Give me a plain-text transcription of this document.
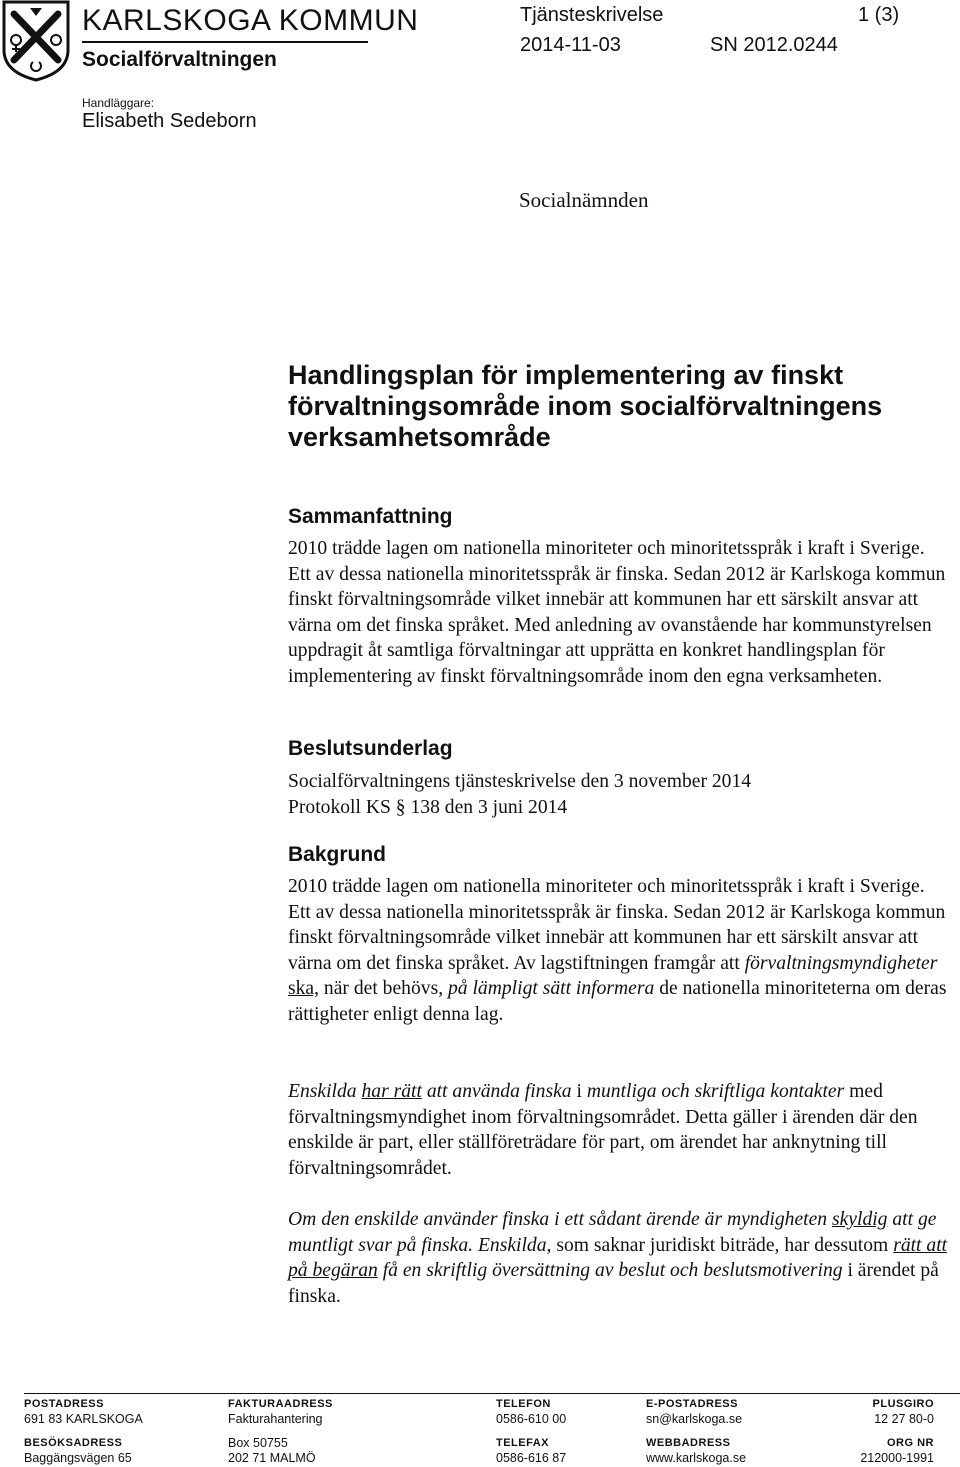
KARLSKOGA KOMMUN
Socialförvaltningen
Tjänsteskrivelse	1 (3)
2014-11-03	SN 2012.0244
Handläggare:
Elisabeth Sedeborn
Socialnämnden
Handlingsplan för implementering av finskt förvaltningsområde inom socialförvaltningens verksamhetsområde
Sammanfattning
2010 trädde lagen om nationella minoriteter och minoritetsspråk i kraft i Sverige. Ett av dessa nationella minoritetsspråk är finska. Sedan 2012 är Karlskoga kommun finskt förvaltningsområde vilket innebär att kommunen har ett särskilt ansvar att värna om det finska språket. Med anledning av ovanstående har kommunstyrelsen uppdragit åt samtliga förvaltningar att upprätta en konkret handlingsplan för implementering av finskt förvaltningsområde inom den egna verksamheten.
Beslutsunderlag
Socialförvaltningens tjänsteskrivelse den 3 november 2014
Protokoll KS § 138 den 3 juni 2014
Bakgrund
2010 trädde lagen om nationella minoriteter och minoritetsspråk i kraft i Sverige. Ett av dessa nationella minoritetsspråk är finska. Sedan 2012 är Karlskoga kommun finskt förvaltningsområde vilket innebär att kommunen har ett särskilt ansvar att värna om det finska språket. Av lagstiftningen framgår att förvaltningsmyndigheter ska, när det behövs, på lämpligt sätt informera de nationella minoriteterna om deras rättigheter enligt denna lag.
Enskilda har rätt att använda finska i muntliga och skriftliga kontakter med förvaltningsmyndighet inom förvaltningsområdet. Detta gäller i ärenden där den enskilde är part, eller ställföreträdare för part, om ärendet har anknytning till förvaltningsområdet.
Om den enskilde använder finska i ett sådant ärende är myndigheten skyldig att ge muntligt svar på finska. Enskilda, som saknar juridiskt biträde, har dessutom rätt att på begäran få en skriftlig översättning av beslut och beslutsmotivering i ärendet på finska.
POSTADRESS
691 83 KARLSKOGA
BESÖKSADRESS
Baggängsvägen 65
FAKTURAADRESS
Fakturahantering
Box 50755
202 71 MALMÖ
TELEFON
0586-610 00
TELEFAX
0586-616 87
E-POSTADRESS
sn@karlskoga.se
WEBBADRESS
www.karlskoga.se
PLUSGIRO
12 27 80-0
ORG NR
212000-1991
